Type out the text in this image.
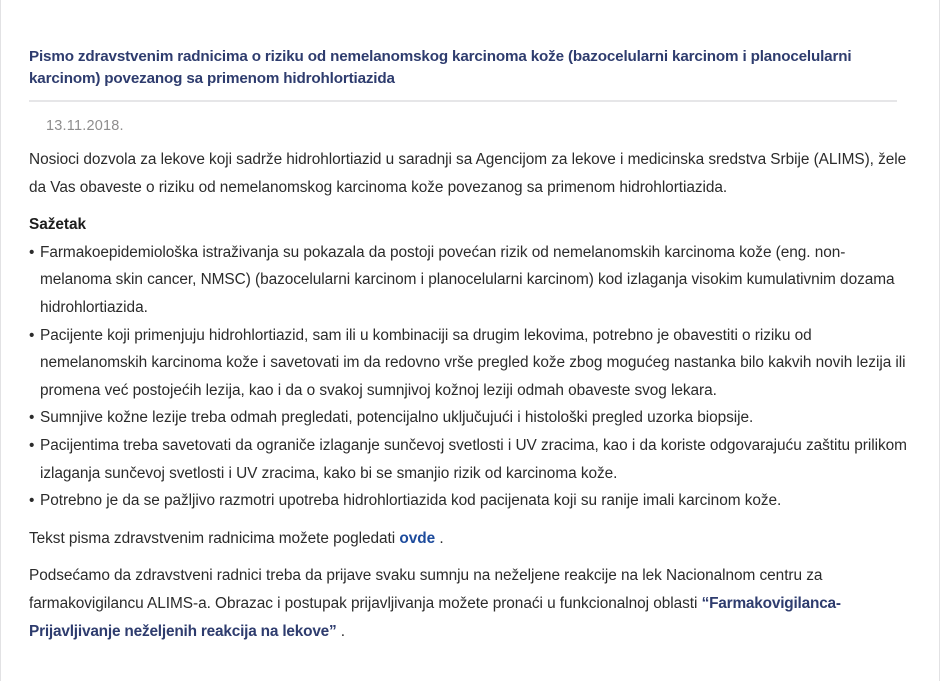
Pismo zdravstvenim radnicima o riziku od nemelanomskog karcinoma kože (bazocelularni karcinom i planocelularni karcinom) povezanog sa primenom hidrohlortiazida
13.11.2018.

Nosioci dozvola za lekove koji sadrže hidrohlortiazid u saradnji sa Agencijom za lekove i medicinska sredstva Srbije (ALIMS), žele da Vas obaveste o riziku od nemelanomskog karcinoma kože povezanog sa primenom hidrohlortiazida.

Sažetak
• Farmakoepidemiološka istraživanja su pokazala da postoji povećan rizik od nemelanomskih karcinoma kože (eng. non-melanoma skin cancer, NMSC) (bazocelularni karcinom i planocelularni karcinom) kod izlaganja visokim kumulativnim dozama hidrohlortiazida.
• Pacijente koji primenjuju hidrohlortiazid, sam ili u kombinaciji sa drugim lekovima, potrebno je obavestiti o riziku od nemelanomskih karcinoma kože i savetovati im da redovno vrše pregled kože zbog mogućeg nastanka bilo kakvih novih lezija ili promena već postojećih lezija, kao i da o svakoj sumnjivoj kožnoj leziji odmah obaveste svog lekara.
• Sumnjive kožne lezije treba odmah pregledati, potencijalno uključujući i histološki pregled uzorka biopsije.
• Pacijentima treba savetovati da ograniče izlaganje sunčevoj svetlosti i UV zracima, kao i da koriste odgovarajuću zaštitu prilikom izlaganja sunčevoj svetlosti i UV zracima, kako bi se smanjio rizik od karcinoma kože.
• Potrebno je da se pažljivo razmotri upotreba hidrohlortiazida kod pacijenata koji su ranije imali karcinom kože.

Tekst pisma zdravstvenim radnicima možete pogledati ovde .

Podsećamo da zdravstveni radnici treba da prijave svaku sumnju na neželjene reakcije na lek Nacionalnom centru za farmakovigilancu ALIMS-a. Obrazac i postupak prijavljivanja možete pronaći u funkcionalnoj oblasti “Farmakovigilanca-Prijavljivanje neželjenih reakcija na lekove” .
